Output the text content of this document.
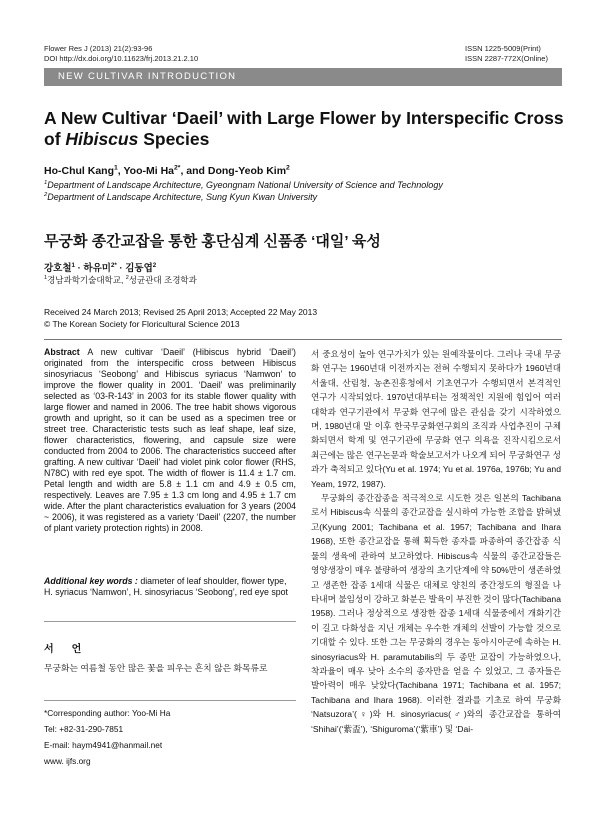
Flower Res J (2013) 21(2):93-96
DOI http://dx.doi.org/10.11623/frj.2013.21.2.10
ISSN 1225-5009(Print)
ISSN 2287-772X(Online)
NEW CULTIVAR INTRODUCTION
A New Cultivar ‘Daeil’ with Large Flower by Interspecific Cross
of Hibiscus Species
Ho-Chul Kang$^1$, Yoo-Mi $Ha^{2*}$, and Dong-Yeob Kim$^2$
$^1$Department of Landscape Architecture, Gyeongnam National University of Science and Technology
$^2$Department of Landscape Architecture, Sung Kyun Kwan University
무궁화 종간교잡을 통한 홍단심계 신품종 ‘대일’ 육성
강호철$^1$ · 하유미$^{2*}$ · 김동엽$^2$
$^1$경남과학기술대학교, $^2$성균관대 조경학과
Received 24 March 2013; Revised 25 April 2013; Accepted 22 May 2013
© The Korean Society for Floricultural Science 2013
Abstract A new cultivar ‘Daeil’ (Hibiscus hybrid ‘Daeil’) originated from the interspecific cross between Hibiscus sinosyriacus ‘Seobong’ and Hibiscus syriacus ‘Namwon’ to improve the flower quality in 2001. ‘Daeil’ was preliminarily selected as ‘03-R-143’ in 2003 for its stable flower quality with large flower and named in 2006. The tree habit shows vigorous growth and upright, so it can be used as a specimen tree or street tree. Characteristic tests such as leaf shape, leaf size, flower characteristics, flowering, and capsule size were conducted from 2004 to 2006. The characteristics succeed after grafting. A new cultivar ‘Daeil’ had violet pink color flower (RHS, N78C) with red eye spot. The width of flower is 11.4 ± 1.7 cm. Petal length and width are 5.8 ± 1.1 cm and 4.9 ± 0.5 cm, respectively. Leaves are 7.95 ± 1.3 cm long and 4.95 ± 1.7 cm wide. After the plant characteristics evaluation for 3 years (2004 ~ 2006), it was registered as a variety ‘Daeil’ (2207, the number of plant variety protection rights) in 2008.
Additional key words : diameter of leaf shoulder, flower type, H. syriacus ‘Namwon’, H. sinosyriacus ‘Seobong’, red eye spot
서언
무궁화는 여름철 동안 많은 꽃을 피우는 흔치 않은 화목류로
*Corresponding author: Yoo-Mi Ha
Tel: +82-31-290-7851
E-mail: haym4941@hanmail.net
www. ijfs.org

서 중요성이 높아 연구가치가 있는 원예작물이다. 그러나 국내 무궁화 연구는 1960년대 이전까지는 전혀 수행되지 못하다가 1960년대 서울대, 산림청, 농촌진흥청에서 기초연구가 수행되면서 본격적인 연구가 시작되었다. 1970년대부터는 정책적인 지원에 힘입어 여러 대학과 연구기관에서 무궁화 연구에 많은 관심을 갖기 시작하였으며, 1980년대 말 이후 한국무궁화연구회의 조직과 사업추진이 구체화되면서 학계 및 연구기관에 무궁화 연구 의욕을 진작시킴으로서 최근에는 많은 연구논문과 학술보고서가 나오게 되어 무궁화연구 성과가 축적되고 있다(Yu et al. 1974; Yu et al. 1976a, 1976b; Yu and Yeam, 1972, 1987).

무궁화의 종간잡종을 적극적으로 시도한 것은 일본의 Tachibana로서 Hibiscus속 식물의 종간교잡을 실시하여 가능한 조합을 밝혀냈고(Kyung 2001; Tachibana et al. 1957; Tachibana and Ihara 1968), 또한 종간교잡을 통해 획득한 종자를 파종하여 종간잡종 식물의 생육에 관하여 보고하였다. Hibiscus속 식물의 종간교잡들은 영양생장이 매우 불량하여 생장의 초기단계에 약 50%만이 생존하였고 생존한 잡종 1세대 식물은 대체로 양친의 중간정도의 형질을 나타내며 불임성이 강하고 화분은 발육이 부진한 것이 많다(Tachibana 1958). 그러나 정상적으로 생장한 잡종 1세대 식물중에서 개화기간이 길고 다화성을 지닌 개체는 우수한 개체의 선발이 가능할 것으로 기대할 수 있다. 또한 그는 무궁화의 경우는 동아시아군에 속하는 H. sinosyriacus와 H. paramutabilis의 두 종만 교잡이 가능하였으나, 착과율이 매우 낮아 소수의 종자만을 얻을 수 있었고, 그 종자들은 발아력이 매우 낮았다(Tachibana 1971; Tachibana et al. 1957; Tachibana and Ihara 1968). 이러한 결과를 기초로 하여 무궁화 ‘Natsuzora’(♀)와 H. sinosyriacus(♂)와의 종간교잡을 통하여 ‘Shihai’(‘紫盃’), ‘Shiguroma’(‘紫車’) 및 ‘Dai-
